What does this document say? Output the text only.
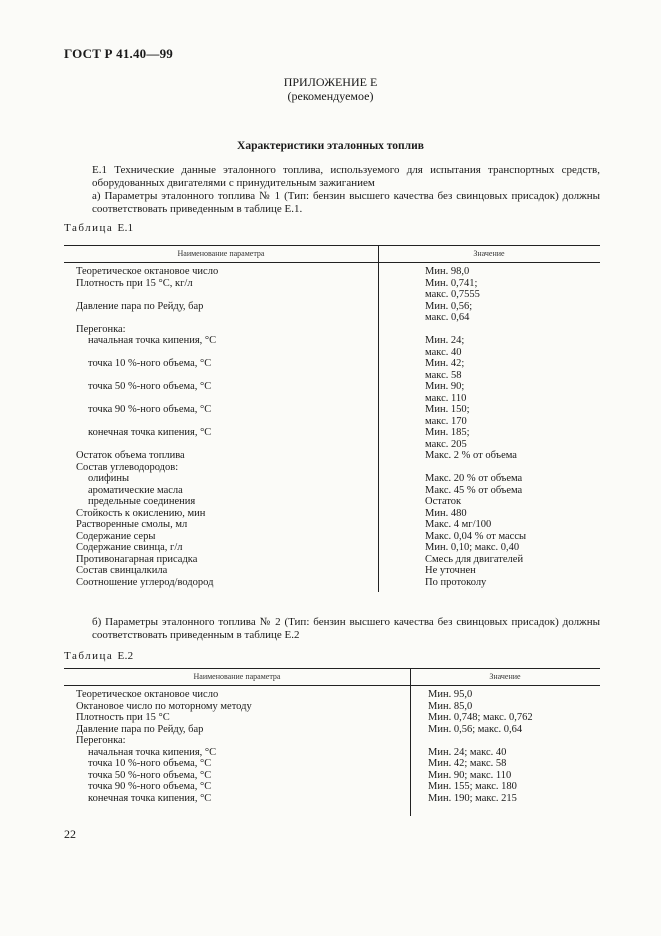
ГОСТ Р 41.40—99
ПРИЛОЖЕНИЕ Е
(рекомендуемое)
Характеристики эталонных топлив
Е.1 Технические данные эталонного топлива, используемого для испытания транспортных средств, оборудованных двигателями с принудительным зажиганием
а) Параметры эталонного топлива № 1 (Тип: бензин высшего качества без свинцовых присадок) должны соответствовать приведенным в таблице Е.1.
Таблица Е.1
Наименование параметра	Значение
Теоретическое октановое число	Мин. 98,0
Плотность при 15 °С, кг/л	Мин. 0,741;
макс. 0,7555
Давление пара по Рейду, бар	Мин. 0,56;
макс. 0,64
Перегонка:
начальная точка кипения, °С	Мин. 24;
макс. 40
точка 10 %-ного объема, °С	Мин. 42;
макс. 58
точка 50 %-ного объема, °С	Мин. 90;
макс. 110
точка 90 %-ного объема, °С	Мин. 150;
макс. 170
конечная точка кипения, °С	Мин. 185;
макс. 205
Остаток объема топлива	Макс. 2 % от объема
Состав углеводородов:
олифины	Макс. 20 % от объема
ароматические масла	Макс. 45 % от объема
предельные соединения	Остаток
Стойкость к окислению, мин	Мин. 480
Растворенные смолы, мл	Макс. 4 мг/100
Содержание серы	Макс. 0,04 % от массы
Содержание свинца, г/л	Мин. 0,10; макс. 0,40
Противонагарная присадка	Смесь для двигателей
Состав свинцалкила	Не уточнен
Соотношение углерод/водород	По протоколу
б) Параметры эталонного топлива № 2 (Тип: бензин высшего качества без свинцовых присадок) должны соответствовать приведенным в таблице Е.2
Таблица Е.2
Наименование параметра	Значение
Теоретическое октановое число	Мин. 95,0
Октановое число по моторному методу	Мин. 85,0
Плотность при 15 °С	Мин. 0,748; макс. 0,762
Давление пара по Рейду, бар	Мин. 0,56; макс. 0,64
Перегонка:
начальная точка кипения, °С	Мин. 24; макс. 40
точка 10 %-ного объема, °С	Мин. 42; макс. 58
точка 50 %-ного объема, °С	Мин. 90; макс. 110
точка 90 %-ного объема, °С	Мин. 155; макс. 180
конечная точка кипения, °С	Мин. 190; макс. 215
22
